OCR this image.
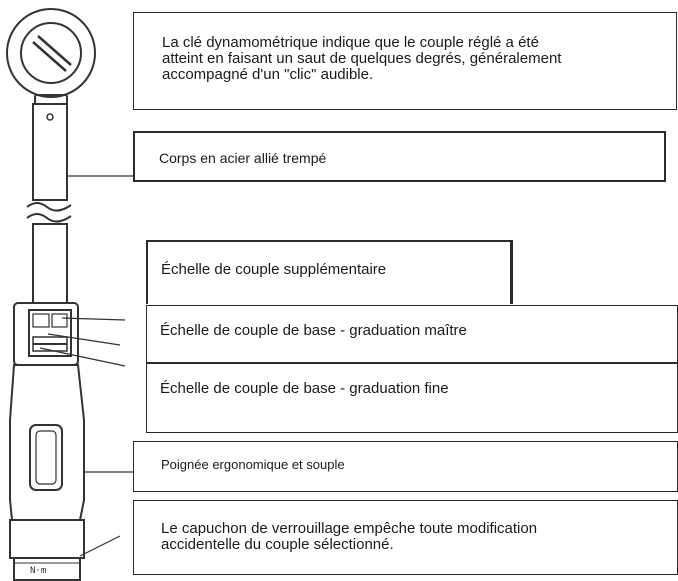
N·m
La clé dynamométrique indique que le couple réglé a été
atteint en faisant un saut de quelques degrés, généralement
accompagné d'un "clic" audible.
Corps en acier allié trempé
Échelle de couple supplémentaire
Échelle de couple de base - graduation maître
Échelle de couple de base - graduation fine
Poignée ergonomique et souple
Le capuchon de verrouillage empêche toute modification
accidentelle du couple sélectionné.
